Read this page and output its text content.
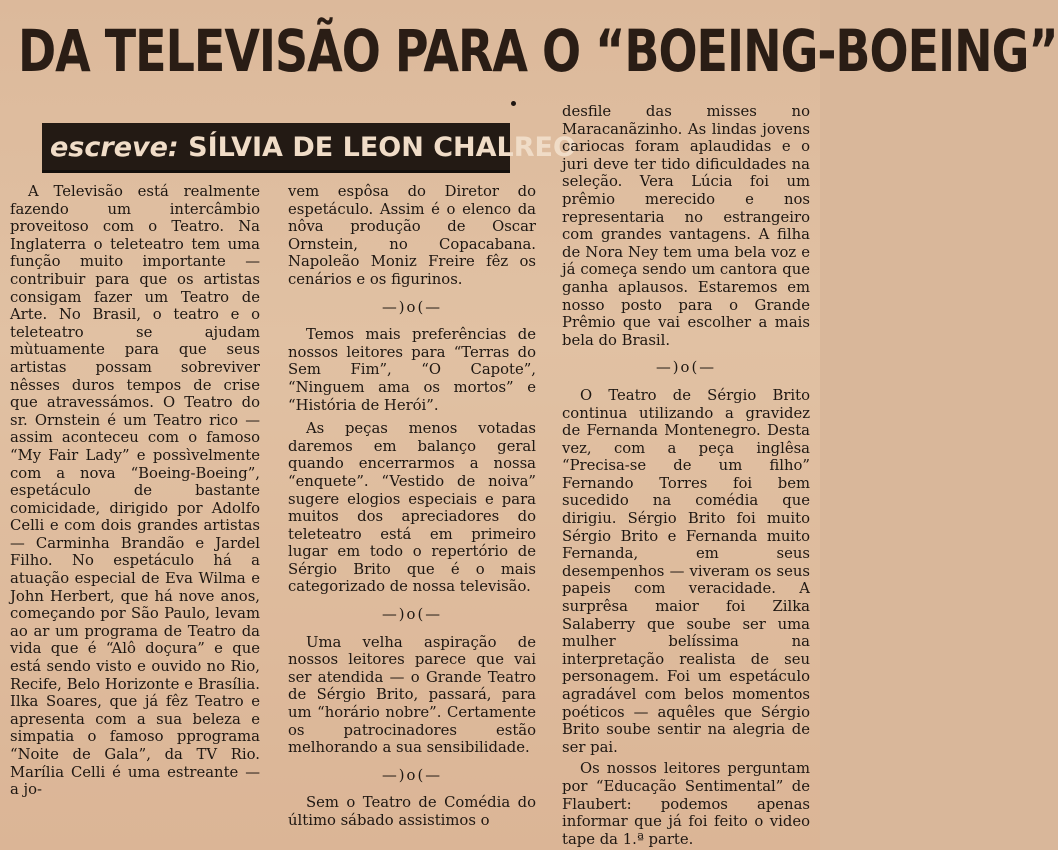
DA TELEVISÃO PARA O “BOEING-BOEING”
escreve: SÍLVIA DE LEON CHALREO

A Televisão está realmente fazendo um intercâmbio proveitoso com o Teatro. Na Inglaterra o teleteatro tem uma função muito importante — contribuir para que os artistas consigam fazer um Teatro de Arte. No Brasil, o teatro e o teleteatro se ajudam mùtuamente para que seus artistas possam sobreviver nêsses duros tempos de crise que atravessámos. O Teatro do sr. Ornstein é um Teatro rico — assim aconteceu com o famoso “My Fair Lady” e possìvelmente com a nova “Boeing-Boeing”, espetáculo de bastante comicidade, dirigido por Adolfo Celli e com dois grandes artistas — Carminha Brandão e Jardel Filho. No espetáculo há a atuação especial de Eva Wilma e John Herbert, que há nove anos, começando por São Paulo, levam ao ar um programa de Teatro da vida que é “Alô doçura” e que está sendo visto e ouvido no Rio, Recife, Belo Horizonte e Brasília. Ilka Soares, que já fêz Teatro e apresenta com a sua beleza e simpatia o famoso pprograma “Noite de Gala”, da TV Rio. Marília Celli é uma estreante — a jo-

vem espôsa do Diretor do espetáculo. Assim é o elenco da nôva produção de Oscar Ornstein, no Copacabana. Napoleão Moniz Freire fêz os cenários e os figurinos.

—)o(—

Temos mais preferências de nossos leitores para “Terras do Sem Fim”, “O Capote”, “Ninguem ama os mortos” e “História de Herói”.

As peças menos votadas daremos em balanço geral quando encerrarmos a nossa “enquete”. “Vestido de noiva” sugere elogios especiais e para muitos dos apreciadores do teleteatro está em primeiro lugar em todo o repertório de Sérgio Brito que é o mais categorizado de nossa televisão.

—)o(—

Uma velha aspiração de nossos leitores parece que vai ser atendida — o Grande Teatro de Sérgio Brito, passará, para um “horário nobre”. Certamente os patrocinadores estão melhorando a sua sensibilidade.

—)o(—

Sem o Teatro de Comédia do último sábado assistimos o

desfile das misses no Maracanãzinho. As lindas jovens cariocas foram aplaudidas e o juri deve ter tido dificuldades na seleção. Vera Lúcia foi um prêmio merecido e nos representaria no estrangeiro com grandes vantagens. A filha de Nora Ney tem uma bela voz e já começa sendo um cantora que ganha aplausos. Estaremos em nosso posto para o Grande Prêmio que vai escolher a mais bela do Brasil.

—)o(—

O Teatro de Sérgio Brito continua utilizando a gravidez de Fernanda Montenegro. Desta vez, com a peça inglêsa “Precisa-se de um filho” Fernando Torres foi bem sucedido na comédia que dirigiu. Sérgio Brito foi muito Sérgio Brito e Fernanda muito Fernanda, em seus desempenhos — viveram os seus papeis com veracidade. A surprêsa maior foi Zilka Salaberry que soube ser uma mulher belíssima na interpretação realista de seu personagem. Foi um espetáculo agradável com belos momentos poéticos — aquêles que Sérgio Brito soube sentir na alegria de ser pai.

Os nossos leitores perguntam por “Educação Sentimental” de Flaubert: podemos apenas informar que já foi feito o video tape da 1.ª parte.
